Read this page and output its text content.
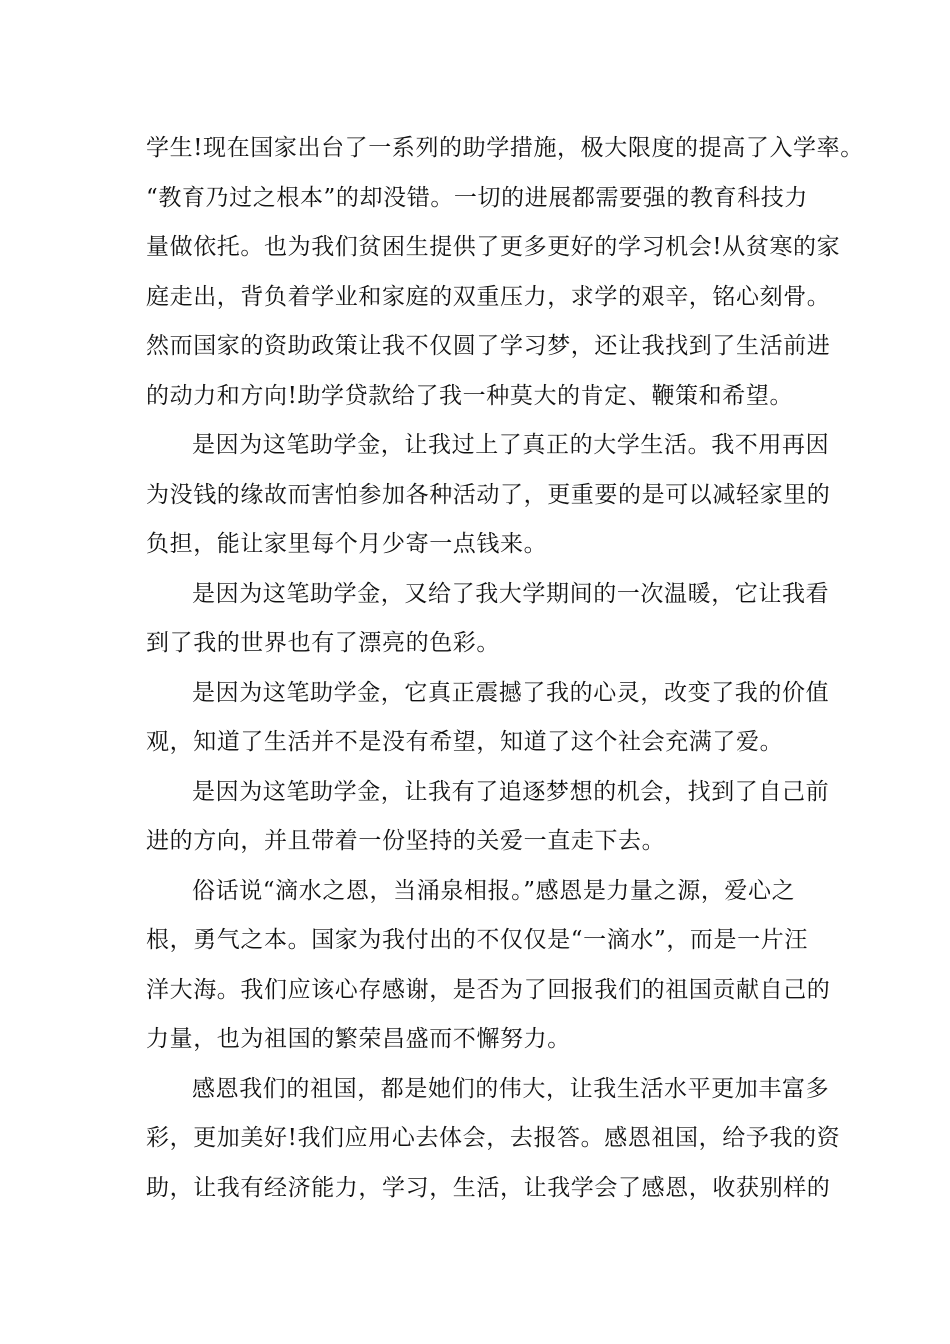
学生!现在国家出台了一系列的助学措施，极大限度的提高了入学率。
“教育乃过之根本”的却没错。一切的进展都需要强的教育科技力
量做依托。也为我们贫困生提供了更多更好的学习机会!从贫寒的家
庭走出，背负着学业和家庭的双重压力，求学的艰辛，铭心刻骨。
然而国家的资助政策让我不仅圆了学习梦，还让我找到了生活前进
的动力和方向!助学贷款给了我一种莫大的肯定、鞭策和希望。
是因为这笔助学金，让我过上了真正的大学生活。我不用再因
为没钱的缘故而害怕参加各种活动了，更重要的是可以减轻家里的
负担，能让家里每个月少寄一点钱来。
是因为这笔助学金，又给了我大学期间的一次温暖，它让我看
到了我的世界也有了漂亮的色彩。
是因为这笔助学金，它真正震撼了我的心灵，改变了我的价值
观，知道了生活并不是没有希望，知道了这个社会充满了爱。
是因为这笔助学金，让我有了追逐梦想的机会，找到了自己前
进的方向，并且带着一份坚持的关爱一直走下去。
俗话说“滴水之恩，当涌泉相报。”感恩是力量之源，爱心之
根，勇气之本。国家为我付出的不仅仅是“一滴水”，而是一片汪
洋大海。我们应该心存感谢，是否为了回报我们的祖国贡献自己的
力量，也为祖国的繁荣昌盛而不懈努力。
感恩我们的祖国，都是她们的伟大，让我生活水平更加丰富多
彩，更加美好!我们应用心去体会，去报答。感恩祖国，给予我的资
助，让我有经济能力，学习，生活，让我学会了感恩，收获别样的
